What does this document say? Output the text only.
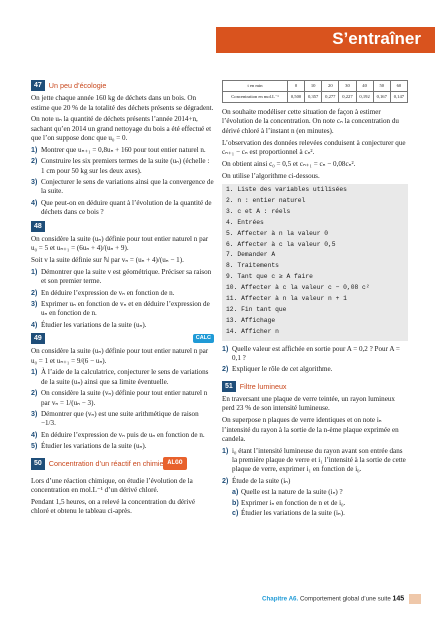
S’entraîner
47 Un peu d’écologie

On jette chaque année 160 kg de déchets dans un bois. On estime que 20 % de la totalité des déchets présents se dégradent.

On note uₙ la quantité de déchets présents l’année 2014+n, sachant qu’en 2014 un grand nettoyage du bois a été effectué et que l’on suppose donc que u₀ = 0.

1) Montrer que uₙ₊₁ = 0,8uₙ + 160 pour tout entier naturel n.
2) Construire les six premiers termes de la suite (uₙ) (échelle : 1 cm pour 50 kg sur les deux axes).
3) Conjecturer le sens de variations ainsi que la convergence de la suite.
4) Que peut-on en déduire quant à l’évolution de la quantité de déchets dans ce bois ?
48

On considère la suite (uₙ) définie pour tout entier naturel n par u₀ = 5 et uₙ₊₁ = (6uₙ + 4)/(uₙ + 9).

Soit v la suite définie sur ℕ par vₙ = (uₙ + 4)/(uₙ − 1).

1) Démontrer que la suite v est géométrique. Préciser sa raison et son premier terme.
2) En déduire l’expression de vₙ en fonction de n.
3) Exprimer uₙ en fonction de vₙ et en déduire l’expression de uₙ en fonction de n.
4) Étudier les variations de la suite (uₙ).
49	CALC

On considère la suite (uₙ) définie pour tout entier naturel n par u₀ = 1 et uₙ₊₁ = 9/(6 − uₙ).

1) À l’aide de la calculatrice, conjecturer le sens de variations de la suite (uₙ) ainsi que sa limite éventuelle.
2) On considère la suite (vₙ) définie pour tout entier naturel n par vₙ = 1/(uₙ − 3).
3) Démontrer que (vₙ) est une suite arithmétique de raison −1/3.
4) En déduire l’expression de vₙ puis de uₙ en fonction de n.
5) Étudier les variations de la suite (uₙ).
50 Concentration d’un réactif en chimie ALGO

Lors d’une réaction chimique, on étudie l’évolution de la concentration en mol.L⁻¹ d’un dérivé chloré.

Pendant 1,5 heures, on a relevé la concentration du dérivé chloré et obtenu le tableau ci-après.

t en min	0	10	20	30	40	50	60
Concentration en mol.L⁻¹	0,500	0,357	0,277	0,227	0,192	0,167	0,147

On souhaite modéliser cette situation de façon à estimer l’évolution de la concentration. On note cₙ la concentration du dérivé chloré à l’instant n (en minutes).

L’observation des données relevées conduisent à conjecturer que cₙ₊₁ − cₙ est proportionnel à cₙ².

On obtient ainsi c₀ = 0,5 et cₙ₊₁ = cₙ − 0,08cₙ².

On utilise l’algorithme ci-dessous.

1. Liste des variables utilisées
2. n : entier naturel
3. c et A : réels
4. Entrées
5. Affecter à n la valeur 0
6. Affecter à c la valeur 0,5
7. Demander A
8. Traitements
9. Tant que c ≥ A faire
10. Affecter à c la valeur c − 0,08 c²
11. Affecter à n la valeur n + 1
12. Fin tant que
13. Affichage
14. Afficher n
1) Quelle valeur est affichée en sortie pour A = 0,2 ? Pour A = 0,1 ?
2) Expliquer le rôle de cet algorithme.
51 Filtre lumineux

En traversant une plaque de verre teintée, un rayon lumineux perd 23 % de son intensité lumineuse.

On superpose n plaques de verre identiques et on note iₙ l’intensité du rayon à la sortie de la n-ème plaque exprimée en candela.

1) i₀ étant l’intensité lumineuse du rayon avant son entrée dans la première plaque de verre et i₁ l’intensité à la sortie de cette plaque de verre, exprimer i₁ en fonction de i₀.
2) Étude de la suite (iₙ)
a) Quelle est la nature de la suite (iₙ) ?
b) Exprimer iₙ en fonction de n et de i₀.
c) Étudier les variations de la suite (iₙ).
Chapitre A6. Comportement global d’une suite 145
